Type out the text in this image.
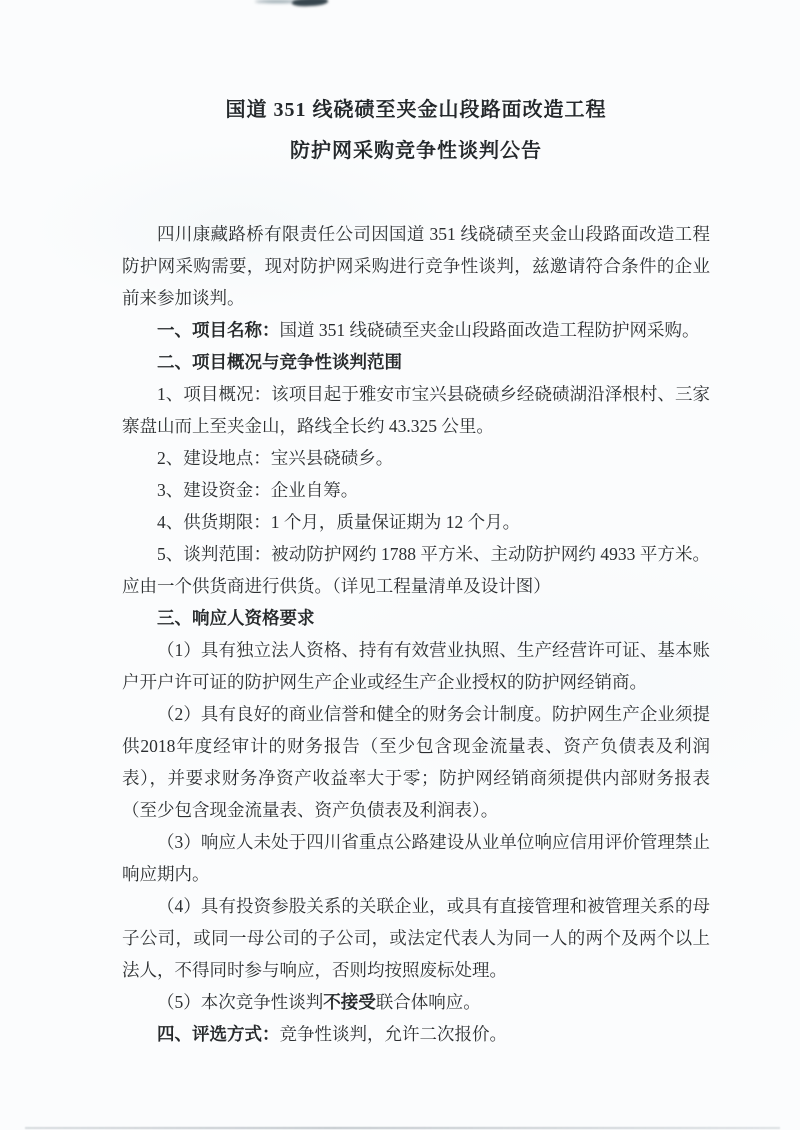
国道 351 线硗碛至夹金山段路面改造工程
防护网采购竞争性谈判公告

四川康藏路桥有限责任公司因国道 351 线硗碛至夹金山段路面改造工程防护网采购需要，现对防护网采购进行竞争性谈判，兹邀请符合条件的企业前来参加谈判。

一、项目名称：国道 351 线硗碛至夹金山段路面改造工程防护网采购。

二、项目概况与竞争性谈判范围

1、项目概况：该项目起于雅安市宝兴县硗碛乡经硗碛湖沿泽根村、三家寨盘山而上至夹金山，路线全长约 43.325 公里。

2、建设地点：宝兴县硗碛乡。

3、建设资金：企业自筹。

4、供货期限：1 个月，质量保证期为 12 个月。

5、谈判范围：被动防护网约 1788 平方米、主动防护网约 4933 平方米。应由一个供货商进行供货。（详见工程量清单及设计图）

三、响应人资格要求

（1）具有独立法人资格、持有有效营业执照、生产经营许可证、基本账户开户许可证的防护网生产企业或经生产企业授权的防护网经销商。

（2）具有良好的商业信誉和健全的财务会计制度。防护网生产企业须提供2018年度经审计的财务报告（至少包含现金流量表、资产负债表及利润表），并要求财务净资产收益率大于零；防护网经销商须提供内部财务报表（至少包含现金流量表、资产负债表及利润表）。

（3）响应人未处于四川省重点公路建设从业单位响应信用评价管理禁止响应期内。

（4）具有投资参股关系的关联企业，或具有直接管理和被管理关系的母子公司，或同一母公司的子公司，或法定代表人为同一人的两个及两个以上法人，不得同时参与响应，否则均按照废标处理。

（5）本次竞争性谈判不接受联合体响应。

四、评选方式：竞争性谈判，允许二次报价。
